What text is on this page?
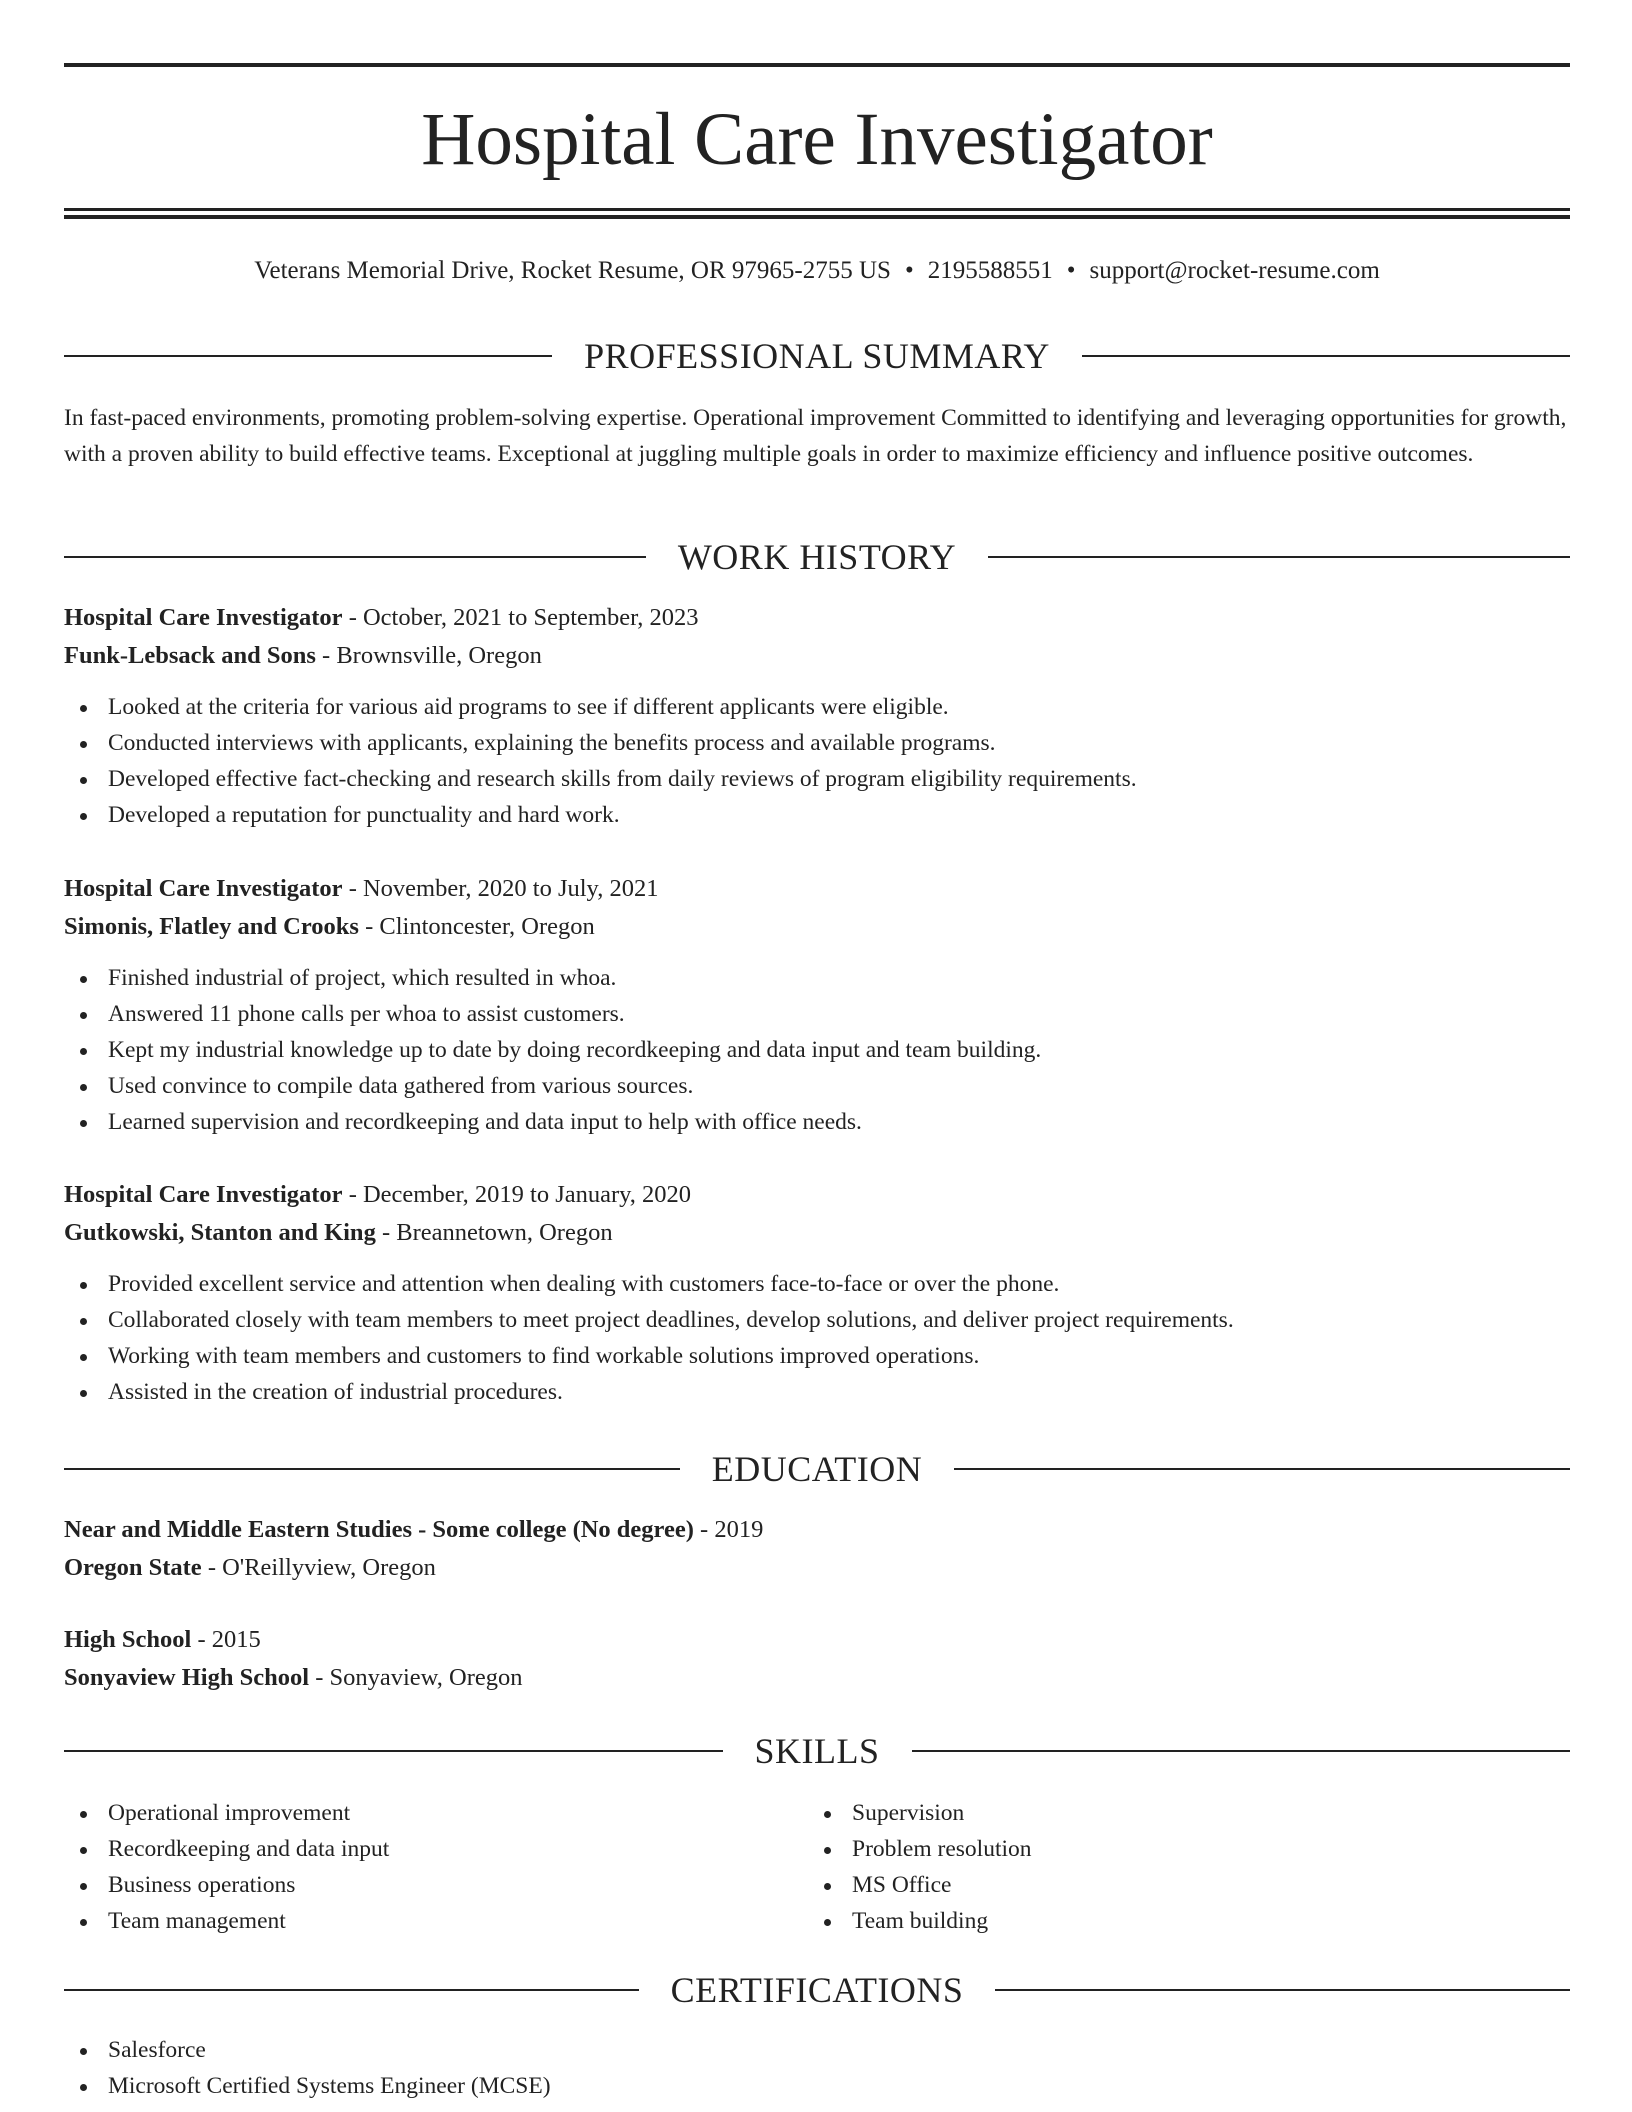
Hospital Care Investigator
Veterans Memorial Drive, Rocket Resume, OR 97965-2755 US • 2195588551 • support@rocket-resume.com
PROFESSIONAL SUMMARY

In fast-paced environments, promoting problem-solving expertise. Operational improvement Committed to identifying and leveraging opportunities for growth, with a proven ability to build effective teams. Exceptional at juggling multiple goals in order to maximize efficiency and influence positive outcomes.

WORK HISTORY

Hospital Care Investigator - October, 2021 to September, 2023

Funk-Lebsack and Sons - Brownsville, Oregon

Looked at the criteria for various aid programs to see if different applicants were eligible.
Conducted interviews with applicants, explaining the benefits process and available programs.
Developed effective fact-checking and research skills from daily reviews of program eligibility requirements.
Developed a reputation for punctuality and hard work.

Hospital Care Investigator - November, 2020 to July, 2021

Simonis, Flatley and Crooks - Clintoncester, Oregon

Finished industrial of project, which resulted in whoa.
Answered 11 phone calls per whoa to assist customers.
Kept my industrial knowledge up to date by doing recordkeeping and data input and team building.
Used convince to compile data gathered from various sources.
Learned supervision and recordkeeping and data input to help with office needs.

Hospital Care Investigator - December, 2019 to January, 2020

Gutkowski, Stanton and King - Breannetown, Oregon

Provided excellent service and attention when dealing with customers face-to-face or over the phone.
Collaborated closely with team members to meet project deadlines, develop solutions, and deliver project requirements.
Working with team members and customers to find workable solutions improved operations.
Assisted in the creation of industrial procedures.
EDUCATION

Near and Middle Eastern Studies - Some college (No degree) - 2019

Oregon State - O'Reillyview, Oregon

High School - 2015

Sonyaview High School - Sonyaview, Oregon

SKILLS
Operational improvement
Recordkeeping and data input
Business operations
Team management
Supervision
Problem resolution
MS Office
Team building
CERTIFICATIONS
Salesforce
Microsoft Certified Systems Engineer (MCSE)
